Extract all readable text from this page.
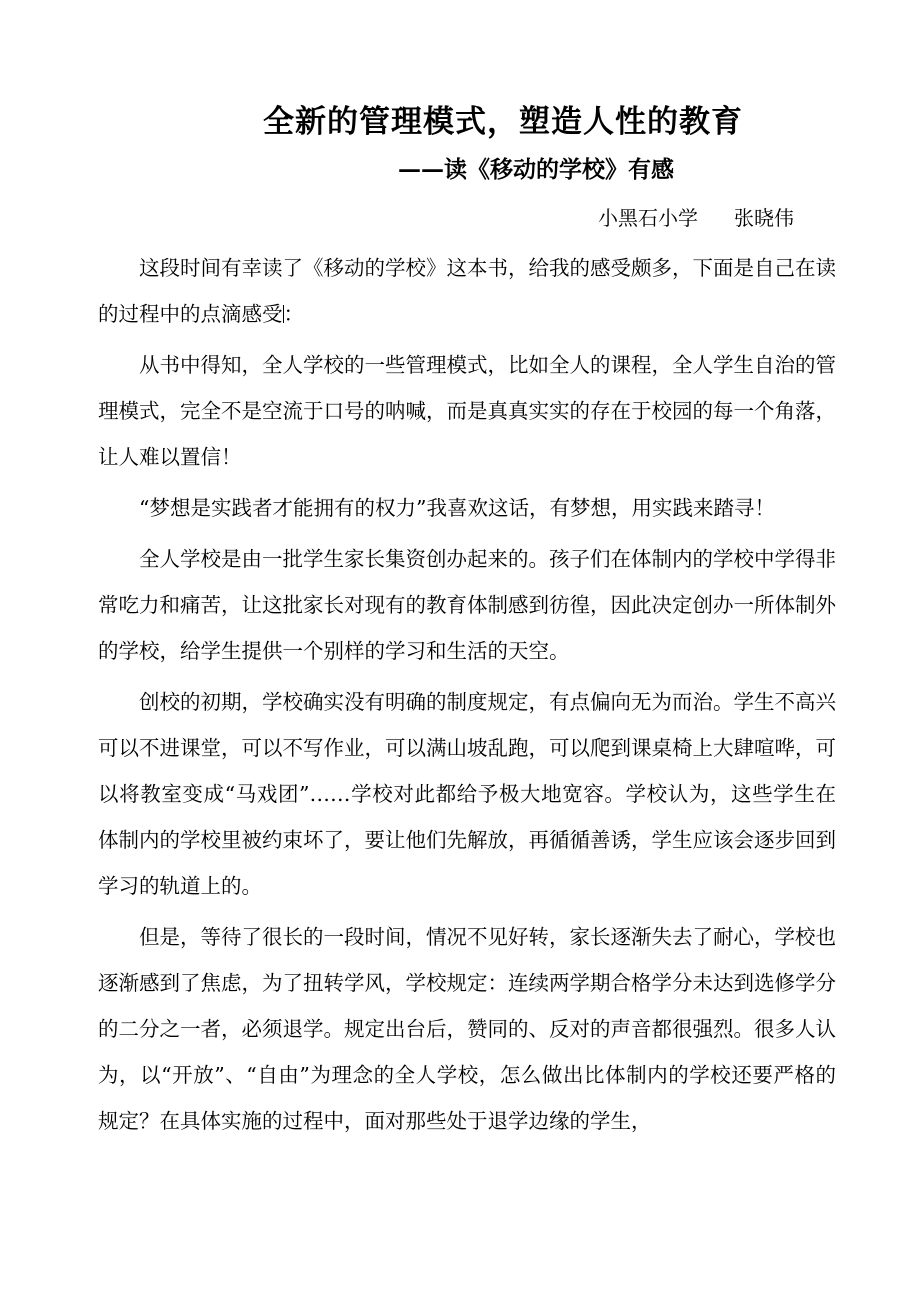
全新的管理模式，塑造人性的教育
——读《移动的学校》有感
小黑石小学 张晓伟

这段时间有幸读了《移动的学校》这本书，给我的感受颇多，下面是自己在读的过程中的点滴感受：

从书中得知，全人学校的一些管理模式，比如全人的课程，全人学生自治的管理模式，完全不是空流于口号的呐喊，而是真真实实的存在于校园的每一个角落，让人难以置信！

“梦想是实践者才能拥有的权力”我喜欢这话，有梦想，用实践来踏寻！

全人学校是由一批学生家长集资创办起来的。孩子们在体制内的学校中学得非常吃力和痛苦，让这批家长对现有的教育体制感到彷徨，因此决定创办一所体制外的学校，给学生提供一个别样的学习和生活的天空。

创校的初期，学校确实没有明确的制度规定，有点偏向无为而治。学生不高兴可以不进课堂，可以不写作业，可以满山坡乱跑，可以爬到课桌椅上大肆喧哗，可以将教室变成“马戏团”……学校对此都给予极大地宽容。学校认为，这些学生在体制内的学校里被约束坏了，要让他们先解放，再循循善诱，学生应该会逐步回到学习的轨道上的。

但是，等待了很长的一段时间，情况不见好转，家长逐渐失去了耐心，学校也逐渐感到了焦虑，为了扭转学风，学校规定：连续两学期合格学分未达到选修学分的二分之一者，必须退学。规定出台后，赞同的、反对的声音都很强烈。很多人认为，以“开放”、“自由”为理念的全人学校，怎么做出比体制内的学校还要严格的规定？在具体实施的过程中，面对那些处于退学边缘的学生，
